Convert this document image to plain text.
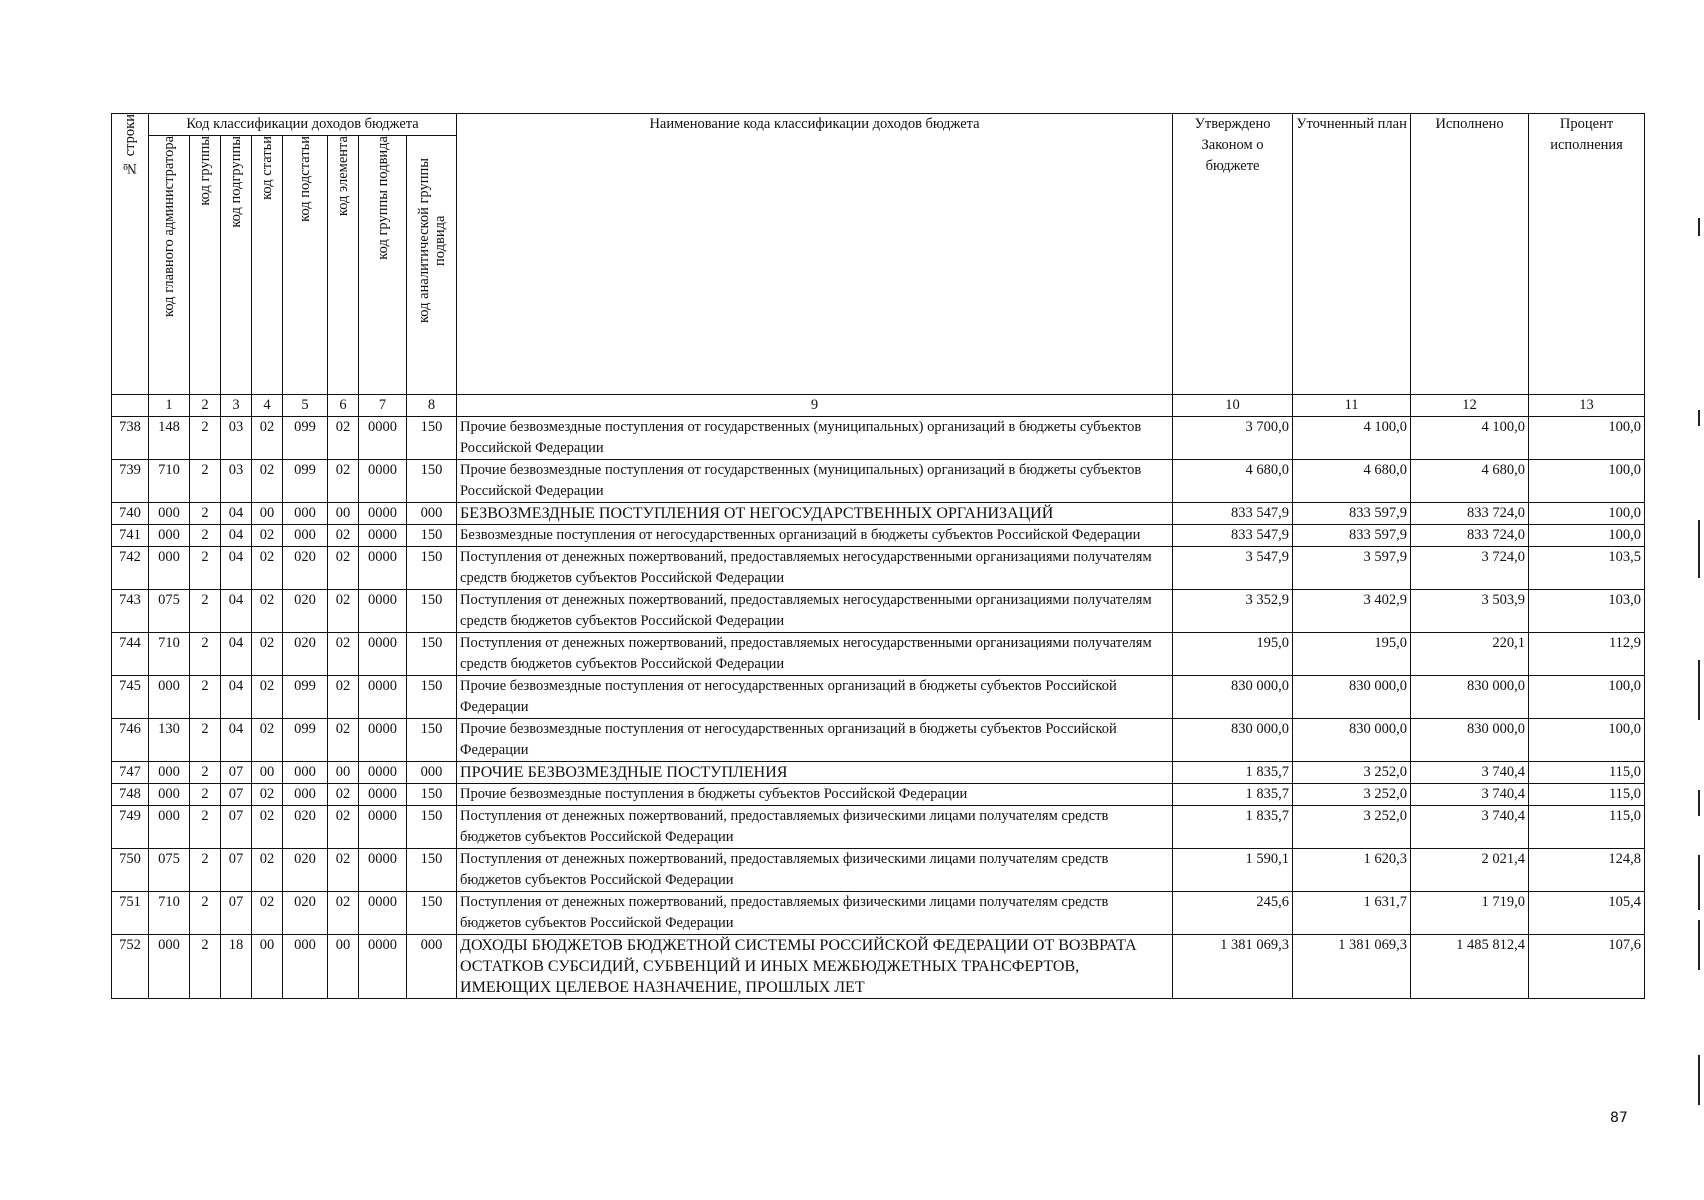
№ строки	Код классификации доходов бюджета								Наименование кода классификации доходов бюджета	Утверждено Законом о бюджете	Уточненный план	Исполнено	Процент исполнения
	код главного администратора	код группы	код подгруппы	код статьи	код подстатьи	код элемента	код группы подвида	код аналитической группы подвида					
	1	2	3	4	5	6	7	8	9	10	11	12	13
738	148	2	03	02	099	02	0000	150	Прочие безвозмездные поступления от государственных (муниципальных) организаций в бюджеты субъектов Российской Федерации	3 700,0	4 100,0	4 100,0	100,0
739	710	2	03	02	099	02	0000	150	Прочие безвозмездные поступления от государственных (муниципальных) организаций в бюджеты субъектов Российской Федерации	4 680,0	4 680,0	4 680,0	100,0
740	000	2	04	00	000	00	0000	000	БЕЗВОЗМЕЗДНЫЕ ПОСТУПЛЕНИЯ ОТ НЕГОСУДАРСТВЕННЫХ ОРГАНИЗАЦИЙ	833 547,9	833 597,9	833 724,0	100,0
741	000	2	04	02	000	02	0000	150	Безвозмездные поступления от негосударственных организаций в бюджеты субъектов Российской Федерации	833 547,9	833 597,9	833 724,0	100,0
742	000	2	04	02	020	02	0000	150	Поступления от денежных пожертвований, предоставляемых негосударственными организациями получателям средств бюджетов субъектов Российской Федерации	3 547,9	3 597,9	3 724,0	103,5
743	075	2	04	02	020	02	0000	150	Поступления от денежных пожертвований, предоставляемых негосударственными организациями получателям средств бюджетов субъектов Российской Федерации	3 352,9	3 402,9	3 503,9	103,0
744	710	2	04	02	020	02	0000	150	Поступления от денежных пожертвований, предоставляемых негосударственными организациями получателям средств бюджетов субъектов Российской Федерации	195,0	195,0	220,1	112,9
745	000	2	04	02	099	02	0000	150	Прочие безвозмездные поступления от негосударственных организаций в бюджеты субъектов Российской Федерации	830 000,0	830 000,0	830 000,0	100,0
746	130	2	04	02	099	02	0000	150	Прочие безвозмездные поступления от негосударственных организаций в бюджеты субъектов Российской Федерации	830 000,0	830 000,0	830 000,0	100,0
747	000	2	07	00	000	00	0000	000	ПРОЧИЕ БЕЗВОЗМЕЗДНЫЕ ПОСТУПЛЕНИЯ	1 835,7	3 252,0	3 740,4	115,0
748	000	2	07	02	000	02	0000	150	Прочие безвозмездные поступления в бюджеты субъектов Российской Федерации	1 835,7	3 252,0	3 740,4	115,0
749	000	2	07	02	020	02	0000	150	Поступления от денежных пожертвований, предоставляемых физическими лицами получателям средств бюджетов субъектов Российской Федерации	1 835,7	3 252,0	3 740,4	115,0
750	075	2	07	02	020	02	0000	150	Поступления от денежных пожертвований, предоставляемых физическими лицами получателям средств бюджетов субъектов Российской Федерации	1 590,1	1 620,3	2 021,4	124,8
751	710	2	07	02	020	02	0000	150	Поступления от денежных пожертвований, предоставляемых физическими лицами получателям средств бюджетов субъектов Российской Федерации	245,6	1 631,7	1 719,0	105,4
752	000	2	18	00	000	00	0000	000	ДОХОДЫ БЮДЖЕТОВ БЮДЖЕТНОЙ СИСТЕМЫ РОССИЙСКОЙ ФЕДЕРАЦИИ ОТ ВОЗВРАТА ОСТАТКОВ СУБСИДИЙ, СУБВЕНЦИЙ И ИНЫХ МЕЖБЮДЖЕТНЫХ ТРАНСФЕРТОВ, ИМЕЮЩИХ ЦЕЛЕВОЕ НАЗНАЧЕНИЕ, ПРОШЛЫХ ЛЕТ	1 381 069,3	1 381 069,3	1 485 812,4	107,6
87
